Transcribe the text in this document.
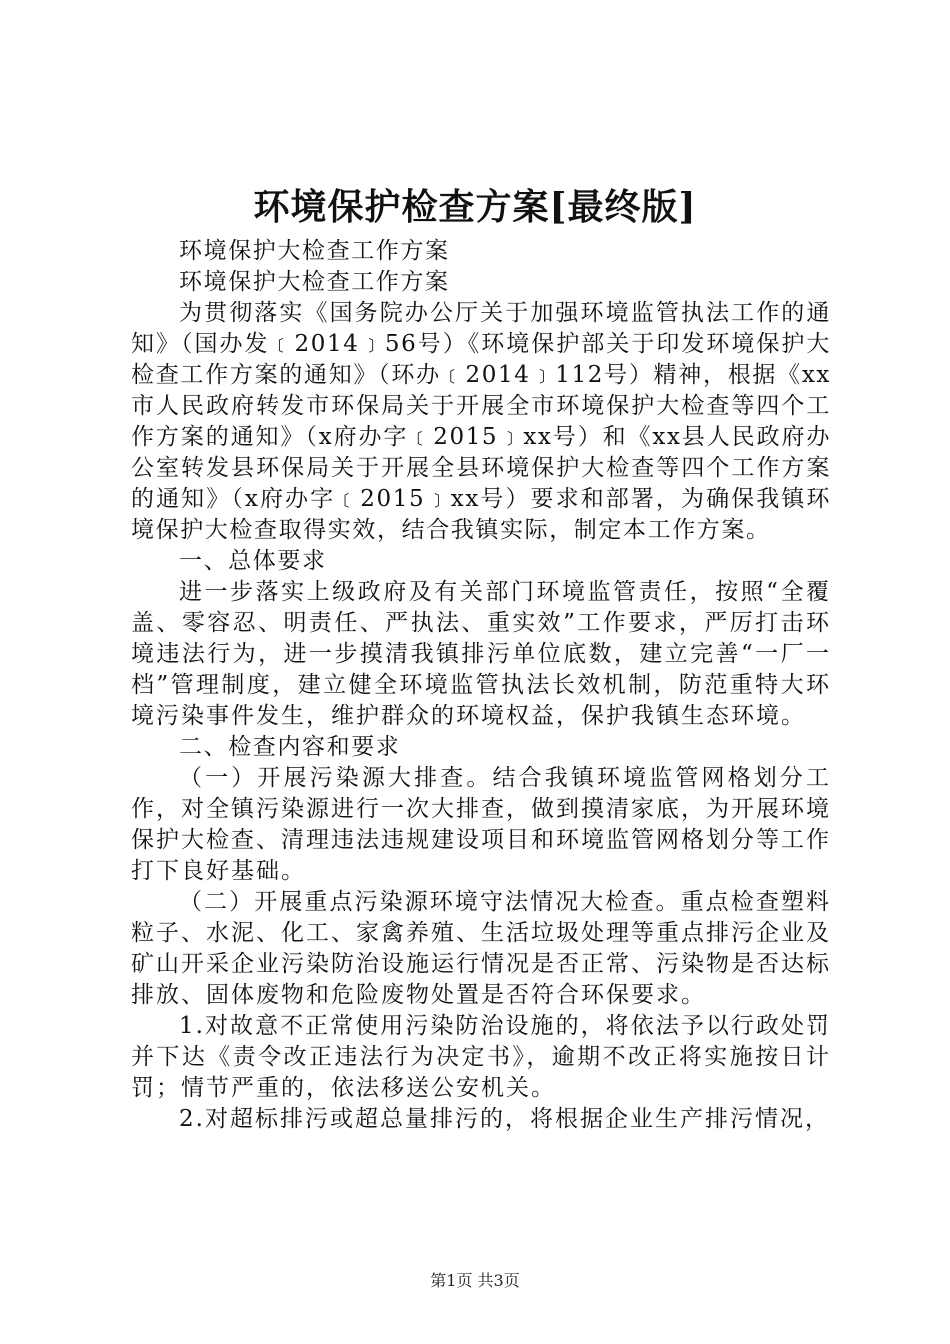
环境保护检查方案[最终版]

环境保护大检查工作方案

环境保护大检查工作方案

为贯彻落实《国务院办公厅关于加强环境监管执法工作的通知》（国办发﹝2014﹞56号）《环境保护部关于印发环境保护大检查工作方案的通知》（环办﹝2014﹞112号）精神，根据《xx市人民政府转发市环保局关于开展全市环境保护大检查等四个工作方案的通知》（x府办字﹝2015﹞xx号）和《xx县人民政府办公室转发县环保局关于开展全县环境保护大检查等四个工作方案的通知》（x府办字﹝2015﹞xx号）要求和部署，为确保我镇环境保护大检查取得实效，结合我镇实际，制定本工作方案。

一、总体要求

进一步落实上级政府及有关部门环境监管责任，按照“全覆盖、零容忍、明责任、严执法、重实效”工作要求，严厉打击环境违法行为，进一步摸清我镇排污单位底数，建立完善“一厂一档”管理制度，建立健全环境监管执法长效机制，防范重特大环境污染事件发生，维护群众的环境权益，保护我镇生态环境。

二、检查内容和要求

（一）开展污染源大排查。结合我镇环境监管网格划分工作，对全镇污染源进行一次大排查，做到摸清家底，为开展环境保护大检查、清理违法违规建设项目和环境监管网格划分等工作打下良好基础。

（二）开展重点污染源环境守法情况大检查。重点检查塑料粒子、水泥、化工、家禽养殖、生活垃圾处理等重点排污企业及矿山开采企业污染防治设施运行情况是否正常、污染物是否达标排放、固体废物和危险废物处置是否符合环保要求。

1.对故意不正常使用污染防治设施的，将依法予以行政处罚并下达《责令改正违法行为决定书》，逾期不改正将实施按日计罚；情节严重的，依法移送公安机关。

2.对超标排污或超总量排污的，将根据企业生产排污情况，

第1页 共3页
